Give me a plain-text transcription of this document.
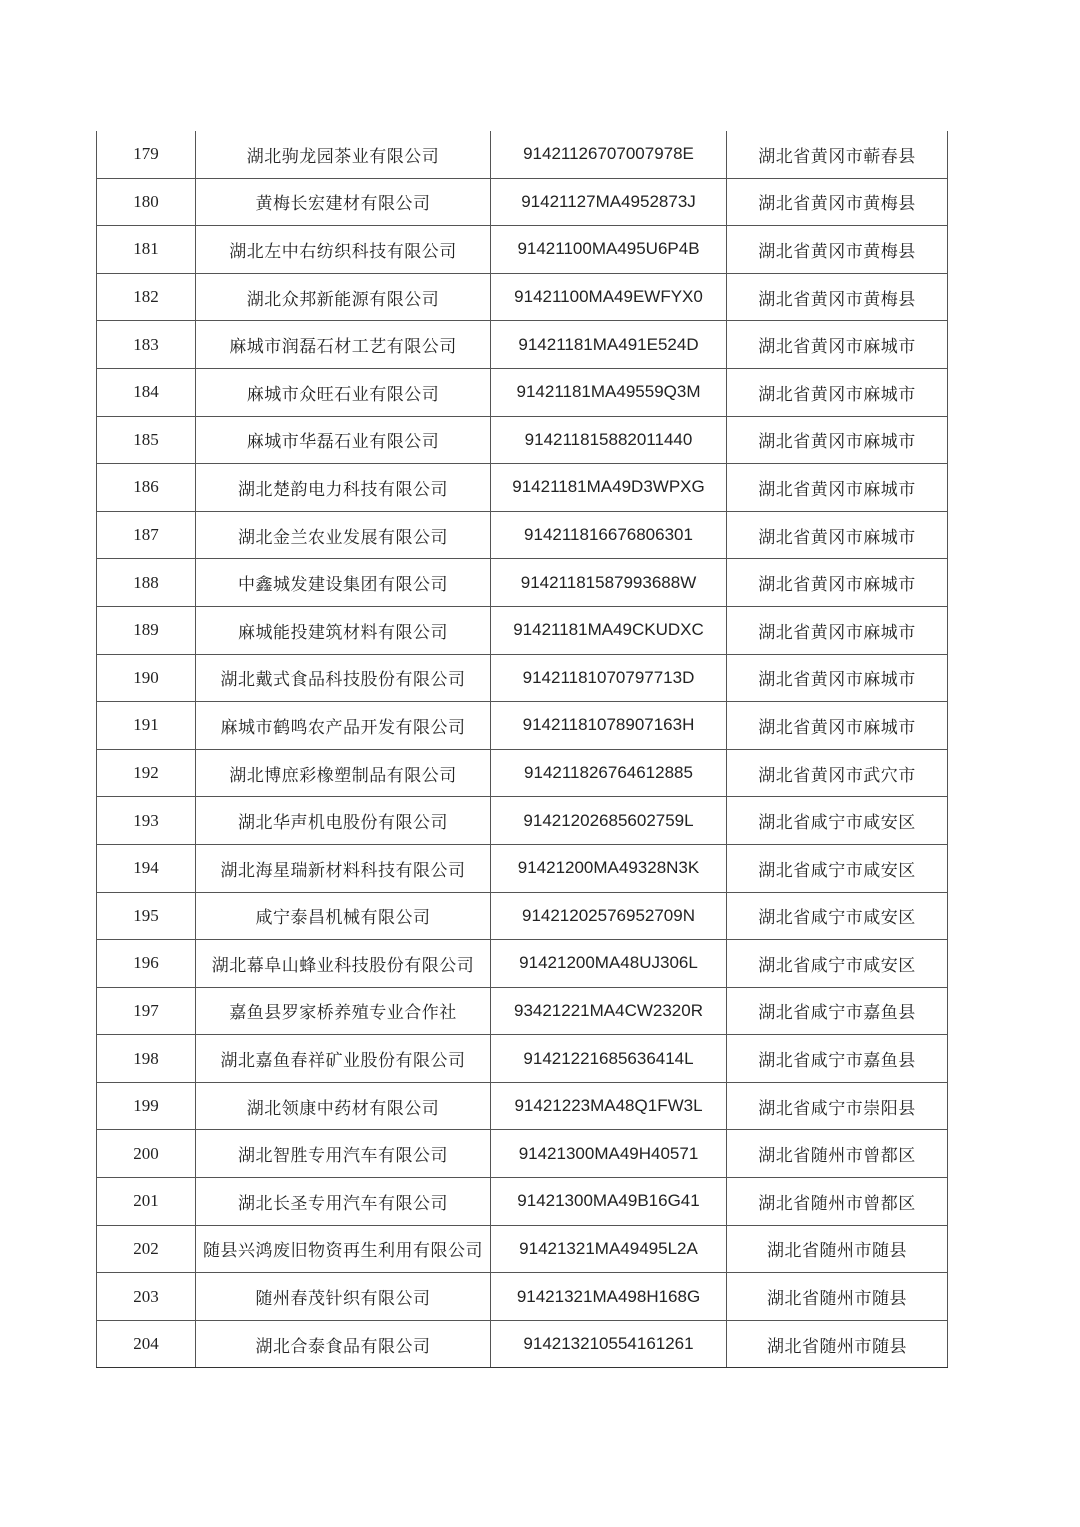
179	湖北驹龙园茶业有限公司	91421126707007978E	湖北省黄冈市蕲春县
180	黄梅长宏建材有限公司	91421127MA4952873J	湖北省黄冈市黄梅县
181	湖北左中右纺织科技有限公司	91421100MA495U6P4B	湖北省黄冈市黄梅县
182	湖北众邦新能源有限公司	91421100MA49EWFYX0	湖北省黄冈市黄梅县
183	麻城市润磊石材工艺有限公司	91421181MA491E524D	湖北省黄冈市麻城市
184	麻城市众旺石业有限公司	91421181MA49559Q3M	湖北省黄冈市麻城市
185	麻城市华磊石业有限公司	914211815882011440	湖北省黄冈市麻城市
186	湖北楚韵电力科技有限公司	91421181MA49D3WPXG	湖北省黄冈市麻城市
187	湖北金兰农业发展有限公司	914211816676806301	湖北省黄冈市麻城市
188	中鑫城发建设集团有限公司	91421181587993688W	湖北省黄冈市麻城市
189	麻城能投建筑材料有限公司	91421181MA49CKUDXC	湖北省黄冈市麻城市
190	湖北戴式食品科技股份有限公司	91421181070797713D	湖北省黄冈市麻城市
191	麻城市鹤鸣农产品开发有限公司	91421181078907163H	湖北省黄冈市麻城市
192	湖北博庶彩橡塑制品有限公司	914211826764612885	湖北省黄冈市武穴市
193	湖北华声机电股份有限公司	91421202685602759L	湖北省咸宁市咸安区
194	湖北海星瑞新材料科技有限公司	91421200MA49328N3K	湖北省咸宁市咸安区
195	咸宁泰昌机械有限公司	91421202576952709N	湖北省咸宁市咸安区
196	湖北幕阜山蜂业科技股份有限公司	91421200MA48UJ306L	湖北省咸宁市咸安区
197	嘉鱼县罗家桥养殖专业合作社	93421221MA4CW2320R	湖北省咸宁市嘉鱼县
198	湖北嘉鱼春祥矿业股份有限公司	9142122168563641​4L	湖北省咸宁市嘉鱼县
199	湖北领康中药材有限公司	91421223MA48Q1FW3L	湖北省咸宁市崇阳县
200	湖北智胜专用汽车有限公司	91421300MA49H40571	湖北省随州市曾都区
201	湖北长圣专用汽车有限公司	91421300MA49B16G41	湖北省随州市曾都区
202	随县兴鸿废旧物资再生利用有限公司	91421321MA49495L2A	湖北省随州市随县
203	随州春茂针织有限公司	91421321MA498H168G	湖北省随州市随县
204	湖北合泰食品有限公司	914213210554161261	湖北省随州市随县
